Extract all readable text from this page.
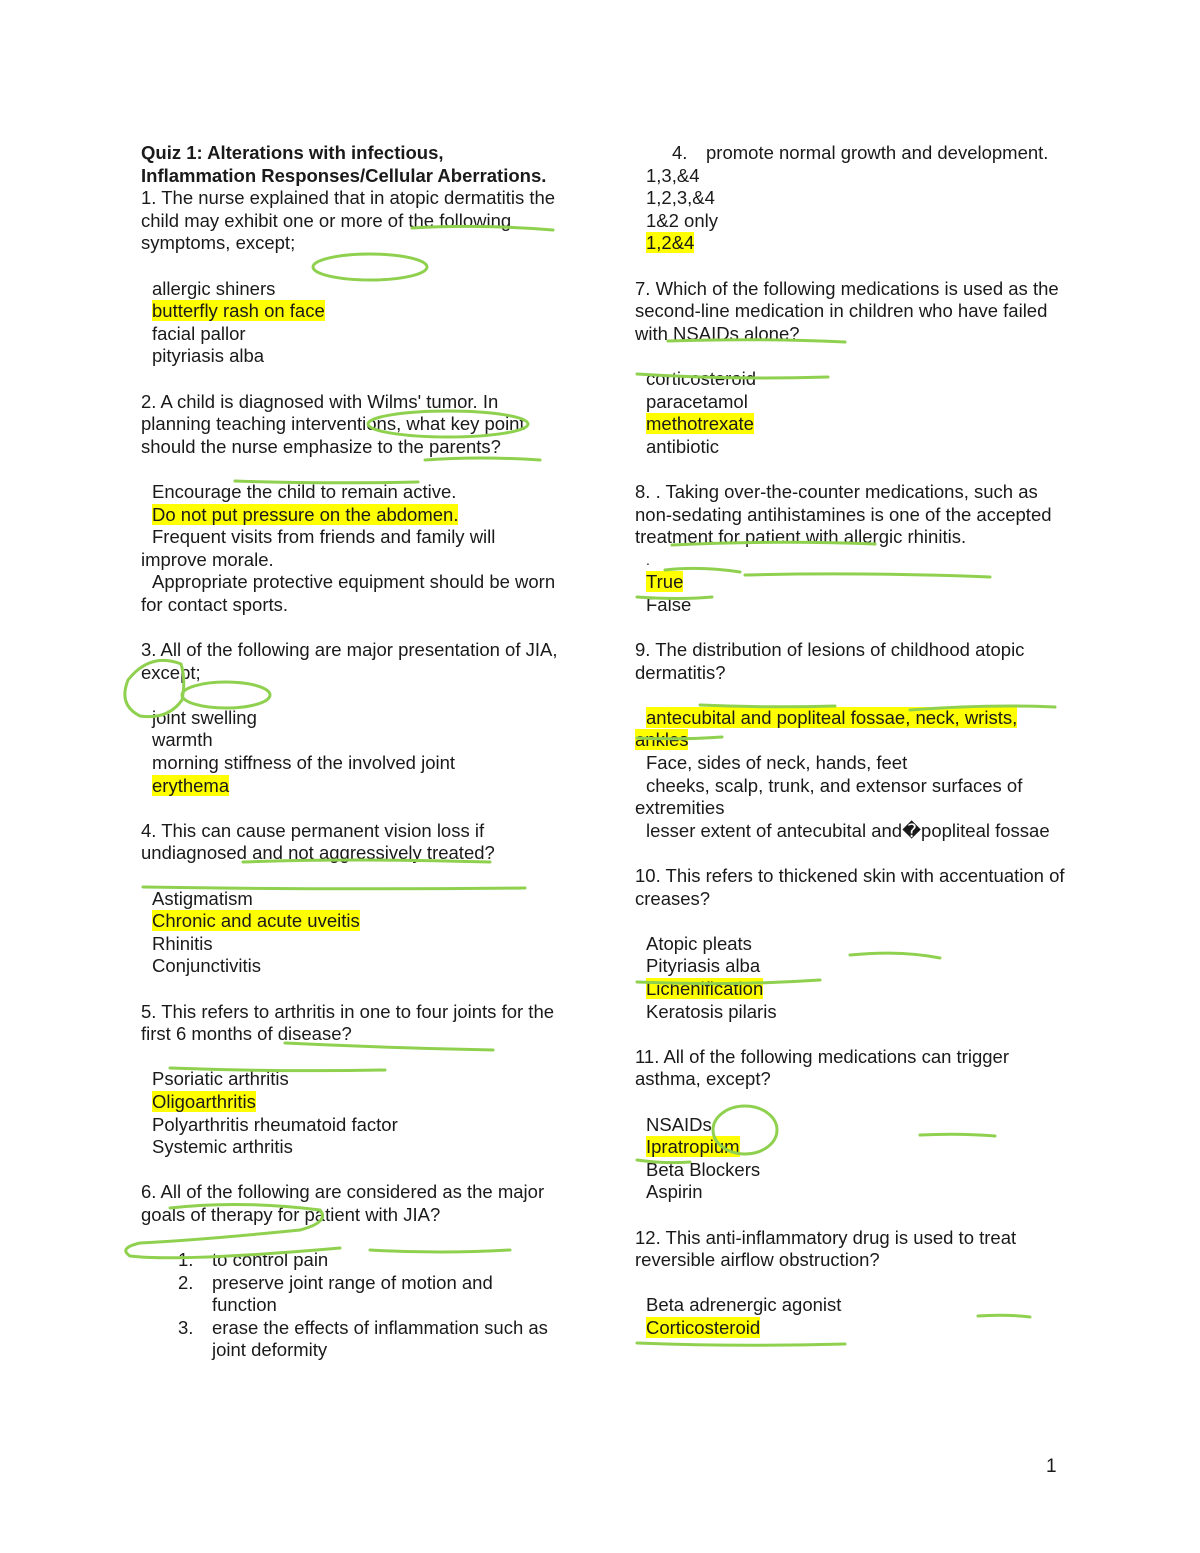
Quiz 1: Alterations with infectious, Inflammation Responses/Cellular Aberrations.
1. The nurse explained that in atopic dermatitis the child may exhibit one or more of the following symptoms, except;
allergic shiners
butterfly rash on face
facial pallor
pityriasis alba
2. A child is diagnosed with Wilms' tumor. In planning teaching interventions, what key point should the nurse emphasize to the parents?
Encourage the child to remain active.
Do not put pressure on the abdomen.
Frequent visits from friends and family will improve morale.
Appropriate protective equipment should be worn for contact sports.
3. All of the following are major presentation of JIA, except;
joint swelling
warmth
morning stiffness of the involved joint
erythema
4. This can cause permanent vision loss if undiagnosed and not aggressively treated?
Astigmatism
Chronic and acute uveitis
Rhinitis
Conjunctivitis
5. This refers to arthritis in one to four joints for the first 6 months of disease?
Psoriatic arthritis
Oligoarthritis
Polyarthritis rheumatoid factor
Systemic arthritis
6. All of the following are considered as the major goals of therapy for patient with JIA?
1. to control pain
2. preserve joint range of motion and function
3. erase the effects of inflammation such as joint deformity
4. promote normal growth and development.
1,3,&4
1,2,3,&4
1&2 only
1,2&4
7. Which of the following medications is used as the second-line medication in children who have failed with NSAIDs alone?
corticosteroid
paracetamol
methotrexate
antibiotic
8. . Taking over-the-counter medications, such as non-sedating antihistamines is one of the accepted treatment for patient with allergic rhinitis.
.
True
False
9. The distribution of lesions of childhood atopic dermatitis?
antecubital and popliteal fossae, neck, wrists, ankles
Face, sides of neck, hands, feet
cheeks, scalp, trunk, and extensor surfaces of extremities
lesser extent of antecubital and�popliteal fossae
10. This refers to thickened skin with accentuation of creases?
Atopic pleats
Pityriasis alba
Lichenification
Keratosis pilaris
11. All of the following medications can trigger asthma, except?
NSAIDs
Ipratropium
Beta Blockers
Aspirin
12. This anti-inflammatory drug is used to treat reversible airflow obstruction?
Beta adrenergic agonist
Corticosteroid
1
